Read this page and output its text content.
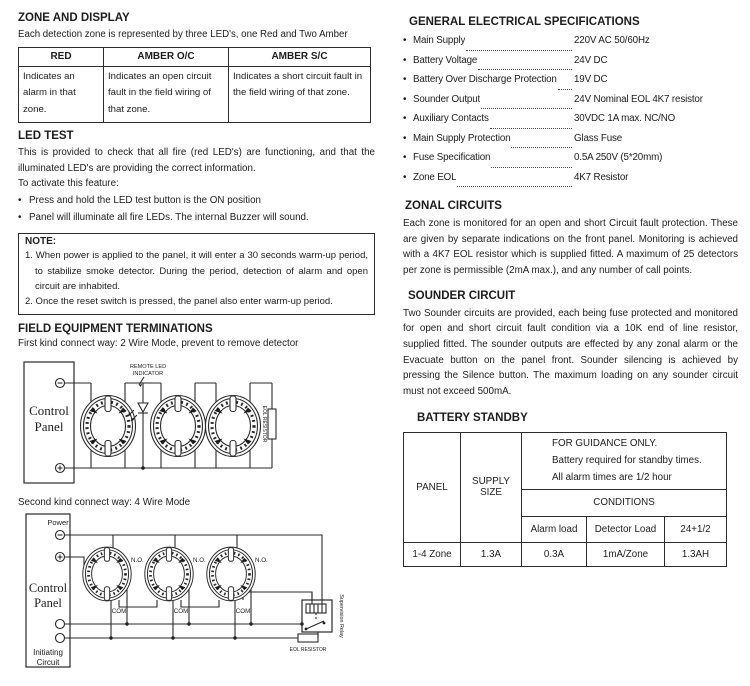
ZONE AND DISPLAY
Each detection zone is represented by three LED's, one Red and Two Amber
RED	AMBER O/C	AMBER S/C
Indicates an alarm in that zone.	Indicates an open circuit fault in the field wiring of that zone.	Indicates a short circuit fault in the field wiring of that zone.
LED TEST

This is provided to check that all fire (red LED's) are functioning, and that the illuminated LED's are providing the correct information.

To activate this feature:

• Press and hold the LED test button is the ON position
• Panel will illuminate all fire LEDs. The internal Buzzer will sound.
NOTE:
1. When power is applied to the panel, it will enter a 30 seconds warm-up period, to stabilize smoke detector. During the period, detection of alarm and open circuit are inhabited.
2. Once the reset switch is pressed, the panel also enter warm-up period.
FIELD EQUIPMENT TERMINATIONS
First kind connect way: 2 Wire Mode, prevent to remove detector
Control
Panel
REMOTE LED
INDICATOR
EOL RESISTOR
Second kind connect way: 4 Wire Mode
Power
Control
Panel
Initiating
Circuit
N.O.	N.O.	N.O.
COM	COM	COM	Supervision Relay
EOL RESISTOR
GENERAL ELECTRICAL SPECIFICATIONS
• Main Supply	220V AC 50/60Hz
• Battery Voltage	24V DC
• Battery Over Discharge Protection 19V DC
• Sounder Output	24V Nominal EOL 4K7 resistor
• Auxiliary Contacts	30VDC 1A max. NC/NO
• Main Supply Protection	Glass Fuse
• Fuse Specification	0.5A 250V (5*20mm)
• Zone EOL	4K7 Resistor
ZONAL CIRCUITS

Each zone is monitored for an open and short Circuit fault protection. These are given by separate indications on the front panel. Monitoring is achieved with a 4K7 EOL resistor which is supplied fitted. A maximum of 25 detectors per zone is permissible (2mA max.), and any number of call points.

SOUNDER CIRCUIT

Two Sounder circuits are provided, each being fuse protected and monitored for open and short circuit fault condition via a 10K end of line resistor, supplied fitted. The sounder outputs are effected by any zonal alarm or the Evacuate button on the panel front. Sounder silencing is achieved by pressing the Silence button. The maximum loading on any sounder circuit must not exceed 500mA.

BATTERY STANDBY
PANEL	SUPPLY SIZE	FOR GUIDANCE ONLY.
Battery required for standby times.
All alarm times are 1/2 hour		

		CONDITIONS		
		Alarm load	Detector Load	24+1/2
1-4 Zone	1.3A	0.3A	1mA/Zone	1.3AH
